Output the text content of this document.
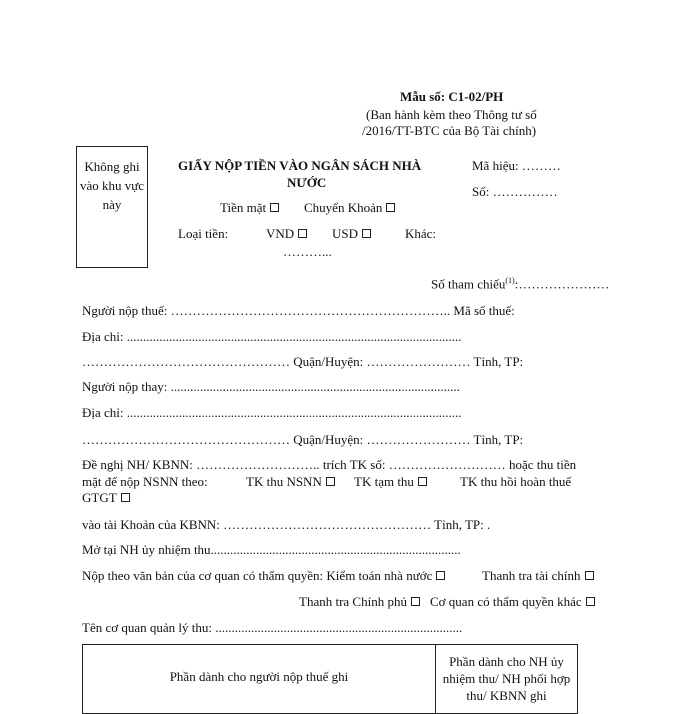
Mẫu số: C1-02/PH
(Ban hành kèm theo Thông tư số
/2016/TT-BTC của Bộ Tài chính)
Không ghi vào khu vực này
GIẤY NỘP TIỀN VÀO NGÂN SÁCH NHÀ
NƯỚC
Mã hiệu: ………
Số: ……………
Tiền mặt	Chuyển Khoản
Loại tiền:	VND	USD	Khác:
………...
Số tham chiếu$^{(1)}$:…………………
Người nộp thuế: ……………………………………………………….. Mã số thuế:
Địa chỉ: .......................................................................................................
………………………………………… Quận/Huyện: …………………… Tỉnh, TP:
Người nộp thay: .........................................................................................
Địa chỉ: .......................................................................................................
………………………………………… Quận/Huyện: …………………… Tỉnh, TP:
Đề nghị NH/ KBNN: ……………………….. trích TK số: ……………………… hoặc thu tiền
mặt để nộp NSNN theo:	TK thu NSNN	TK tạm thu	TK thu hồi hoàn thuế
GTGT
vào tài Khoản của KBNN: ………………………………………… Tỉnh, TP: .
Mở tại NH ủy nhiệm thu.............................................................................
Nộp theo văn bản của cơ quan có thẩm quyền: Kiểm toán nhà nước	Thanh tra tài chính
Thanh tra Chính phủ	Cơ quan có thẩm quyền khác
Tên cơ quan quản lý thu: ............................................................................
Phần dành cho người nộp thuế ghi
Phần dành cho NH ủy nhiệm thu/ NH phối hợp thu/ KBNN ghi
